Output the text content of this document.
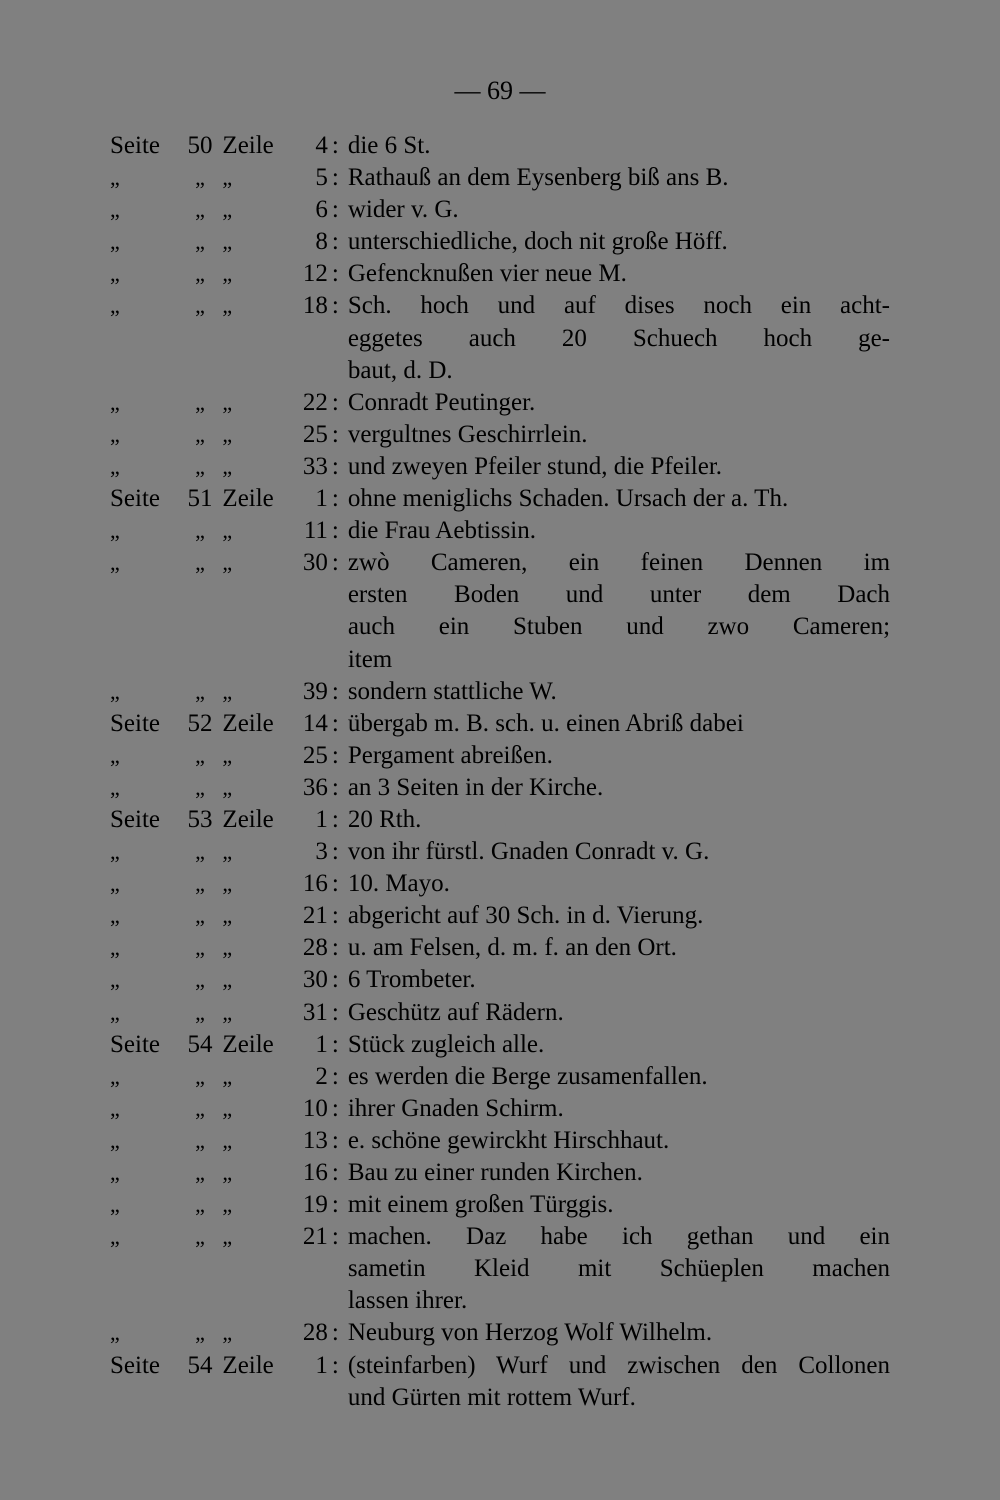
— 69 —
Seite	50 Zeile	4 : die 6 St.
„	„ „	5 : Rathauß an dem Eysenberg biß ans B.
„	„ „	6 : wider v. G.
„	„ „	8 : unterschiedliche, doch nit große Höff.
„	„ „	12 : Gefencknußen vier neue M.
„	„ „	18 : Sch. hoch und auf dises noch ein acht-
eggetes auch 20 Schuech hoch ge-
baut, d. D.
„	„ „	22 : Conradt Peutinger.
„	„ „	25 : vergultnes Geschirrlein.
„	„ „	33 : und zweyen Pfeiler stund, die Pfeiler.
Seite	51 Zeile	1 : ohne meniglichs Schaden. Ursach der a. Th.
„	„ „	11 : die Frau Aebtissin.
„	„ „	30 : zwò Cameren, ein feinen Dennen im
ersten Boden und unter dem Dach
auch ein Stuben und zwo Cameren;
item
„	„ „	39 : sondern stattliche W.
Seite	52 Zeile	14 : übergab m. B. sch. u. einen Abriß dabei
„	„ „	25 : Pergament abreißen.
„	„ „	36 : an 3 Seiten in der Kirche.
Seite	53 Zeile	1 : 20 Rth.
„	„ „	3 : von ihr fürstl. Gnaden Conradt v. G.
„	„ „	16 : 10. Mayo.
„	„ „	21 : abgericht auf 30 Sch. in d. Vierung.
„	„ „	28 : u. am Felsen, d. m. f. an den Ort.
„	„ „	30 : 6 Trombeter.
„	„ „	31 : Geschütz auf Rädern.
Seite	54 Zeile	1 : Stück zugleich alle.
„	„ „	2 : es werden die Berge zusamenfallen.
„	„ „	10 : ihrer Gnaden Schirm.
„	„ „	13 : e. schöne gewirckht Hirschhaut.
„	„ „	16 : Bau zu einer runden Kirchen.
„	„ „	19 : mit einem großen Türggis.
„	„ „	21 : machen. Daz habe ich gethan und ein
sametin Kleid mit Schüeplen machen
lassen ihrer.
„	„ „	28 : Neuburg von Herzog Wolf Wilhelm.
Seite	54 Zeile	1 : (steinfarben) Wurf und zwischen den Collonen
und Gürten mit rottem Wurf.
